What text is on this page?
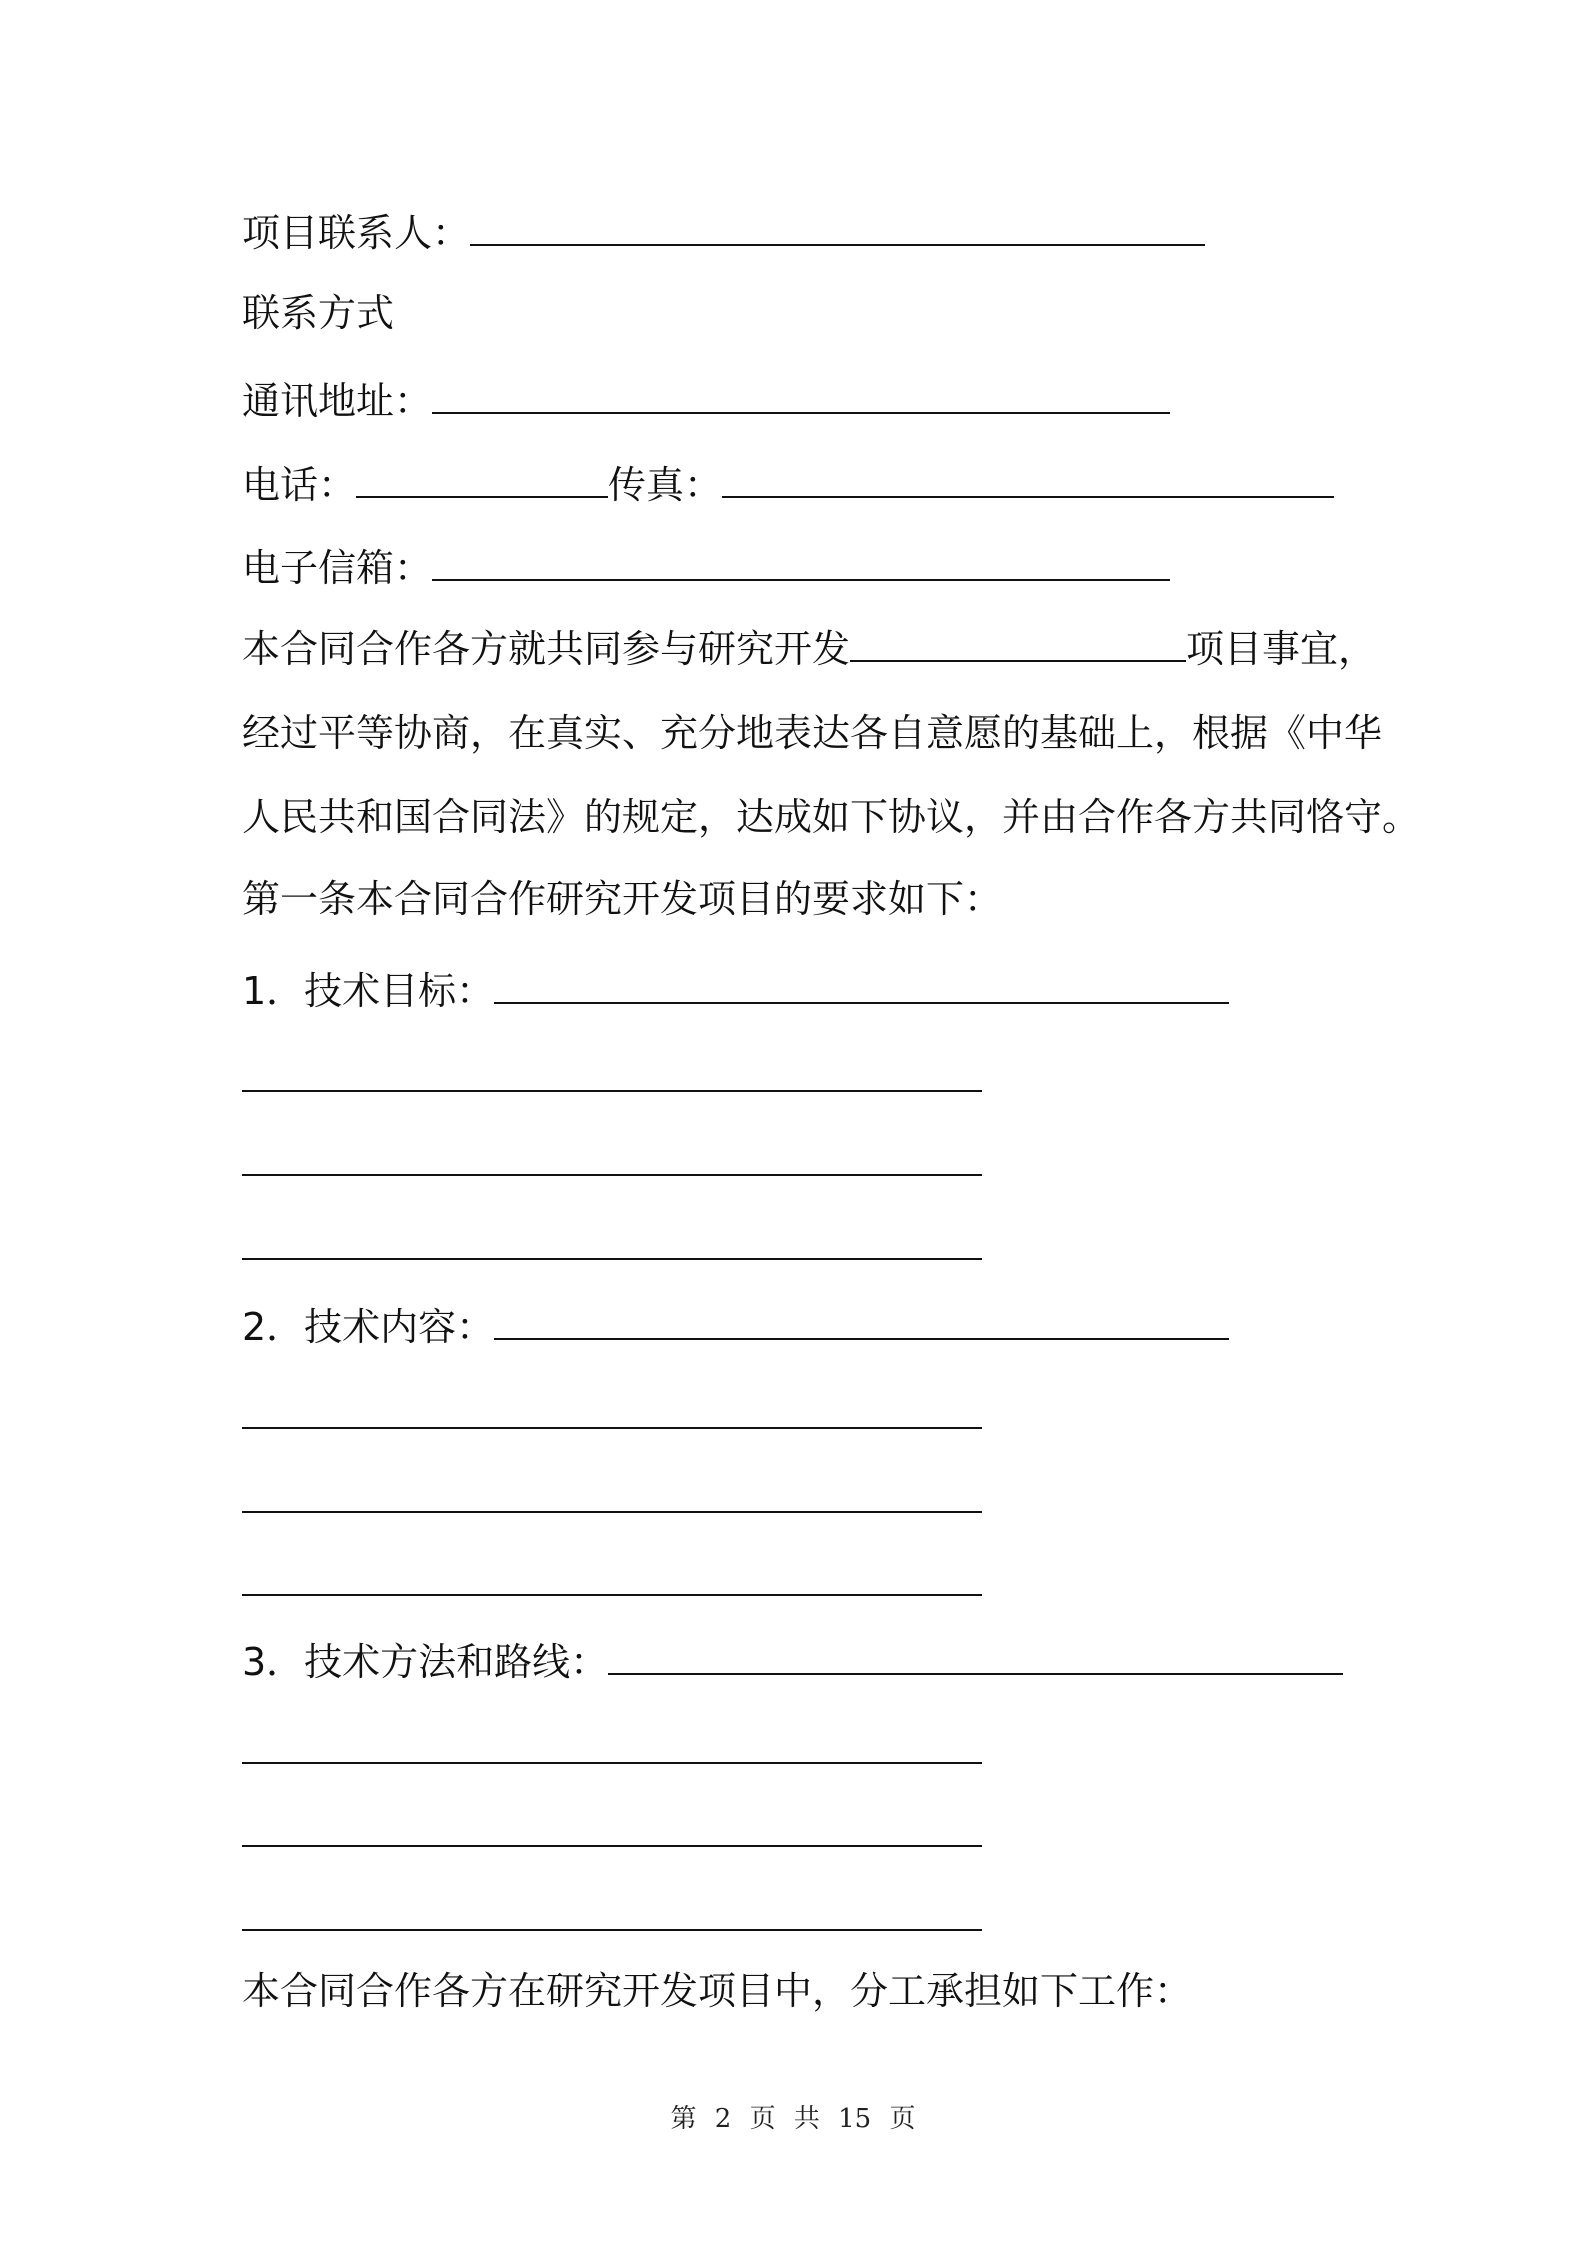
项目联系人：
联系方式
通讯地址：
电话：	传真：
电子信箱：
本合同合作各方就共同参与研究开发	项目事宜，
经过平等协商，在真实、充分地表达各自意愿的基础上，根据《中华
人民共和国合同法》的规定，达成如下协议，并由合作各方共同恪守。
第一条本合同合作研究开发项目的要求如下：
1．技术目标：
2．技术内容：
3．技术方法和路线：
本合同合作各方在研究开发项目中，分工承担如下工作：
第 2 页 共 15 页
